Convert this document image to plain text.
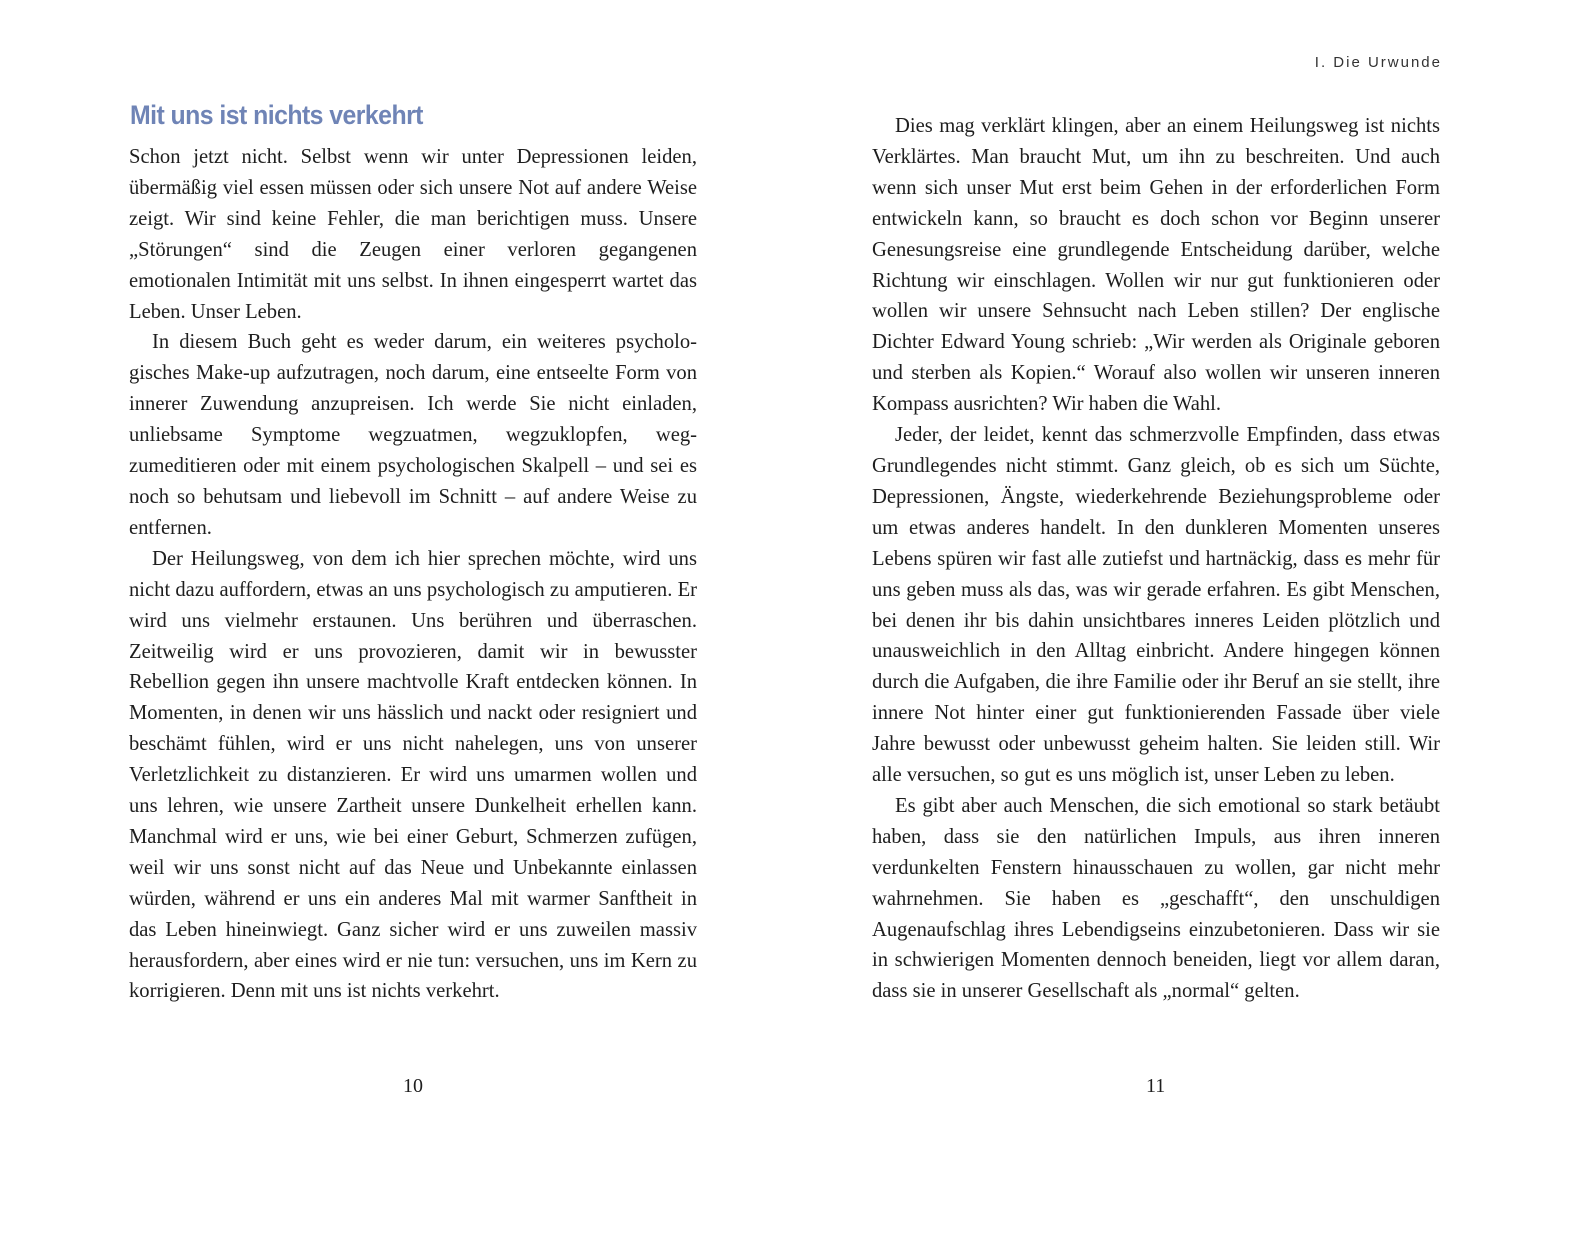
Mit uns ist nichts verkehrt

Schon jetzt nicht. Selbst wenn wir unter Depressionen leiden, übermäßig viel essen müssen oder sich unsere Not auf andere Weise zeigt. Wir sind keine Fehler, die man berichtigen muss. Unsere „Störungen“ sind die Zeugen einer verloren gegangenen emotionalen Intimität mit uns selbst. In ihnen eingesperrt wartet das Leben. Unser Leben.

In diesem Buch geht es weder darum, ein weiteres psychologisches Make-up aufzutragen, noch darum, eine entseelte Form von innerer Zuwendung anzupreisen. Ich werde Sie nicht einladen, unliebsame Symptome wegzuatmen, wegzuklopfen, wegzumeditieren oder mit einem psychologischen Skalpell – und sei es noch so behutsam und liebevoll im Schnitt – auf andere Weise zu entfernen.

Der Heilungsweg, von dem ich hier sprechen möchte, wird uns nicht dazu auffordern, etwas an uns psychologisch zu amputieren. Er wird uns vielmehr erstaunen. Uns berühren und überraschen. Zeitweilig wird er uns provozieren, damit wir in bewusster Rebellion gegen ihn unsere machtvolle Kraft entdecken können. In Momenten, in denen wir uns hässlich und nackt oder resigniert und beschämt fühlen, wird er uns nicht nahelegen, uns von unserer Verletzlichkeit zu distanzieren. Er wird uns umarmen wollen und uns lehren, wie unsere Zartheit unsere Dunkelheit erhellen kann. Manchmal wird er uns, wie bei einer Geburt, Schmerzen zufügen, weil wir uns sonst nicht auf das Neue und Unbekannte einlassen würden, während er uns ein anderes Mal mit warmer Sanftheit in das Leben hineinwiegt. Ganz sicher wird er uns zuweilen massiv herausfordern, aber eines wird er nie tun: versuchen, uns im Kern zu korrigieren. Denn mit uns ist nichts verkehrt.

10
I. Die Urwunde

Dies mag verklärt klingen, aber an einem Heilungsweg ist nichts Verklärtes. Man braucht Mut, um ihn zu beschreiten. Und auch wenn sich unser Mut erst beim Gehen in der erforderlichen Form entwickeln kann, so braucht es doch schon vor Beginn unserer Genesungsreise eine grundlegende Entscheidung darüber, welche Richtung wir einschlagen. Wollen wir nur gut funktionieren oder wollen wir unsere Sehnsucht nach Leben stillen? Der englische Dichter Edward Young schrieb: „Wir werden als Originale geboren und sterben als Kopien.“ Worauf also wollen wir unseren inneren Kompass ausrichten? Wir haben die Wahl.

Jeder, der leidet, kennt das schmerzvolle Empfinden, dass etwas Grundlegendes nicht stimmt. Ganz gleich, ob es sich um Süchte, Depressionen, Ängste, wiederkehrende Beziehungsprobleme oder um etwas anderes handelt. In den dunkleren Momenten unseres Lebens spüren wir fast alle zutiefst und hartnäckig, dass es mehr für uns geben muss als das, was wir gerade erfahren. Es gibt Menschen, bei denen ihr bis dahin unsichtbares inneres Leiden plötzlich und unausweichlich in den Alltag einbricht. Andere hingegen können durch die Aufgaben, die ihre Familie oder ihr Beruf an sie stellt, ihre innere Not hinter einer gut funktionierenden Fassade über viele Jahre bewusst oder unbewusst geheim halten. Sie leiden still. Wir alle versuchen, so gut es uns möglich ist, unser Leben zu leben.

Es gibt aber auch Menschen, die sich emotional so stark betäubt haben, dass sie den natürlichen Impuls, aus ihren inneren verdunkelten Fenstern hinausschauen zu wollen, gar nicht mehr wahrnehmen. Sie haben es „geschafft“, den unschuldigen Augenaufschlag ihres Lebendigseins einzubetonieren. Dass wir sie in schwierigen Momenten dennoch beneiden, liegt vor allem daran, dass sie in unserer Gesellschaft als „normal“ gelten.

11
